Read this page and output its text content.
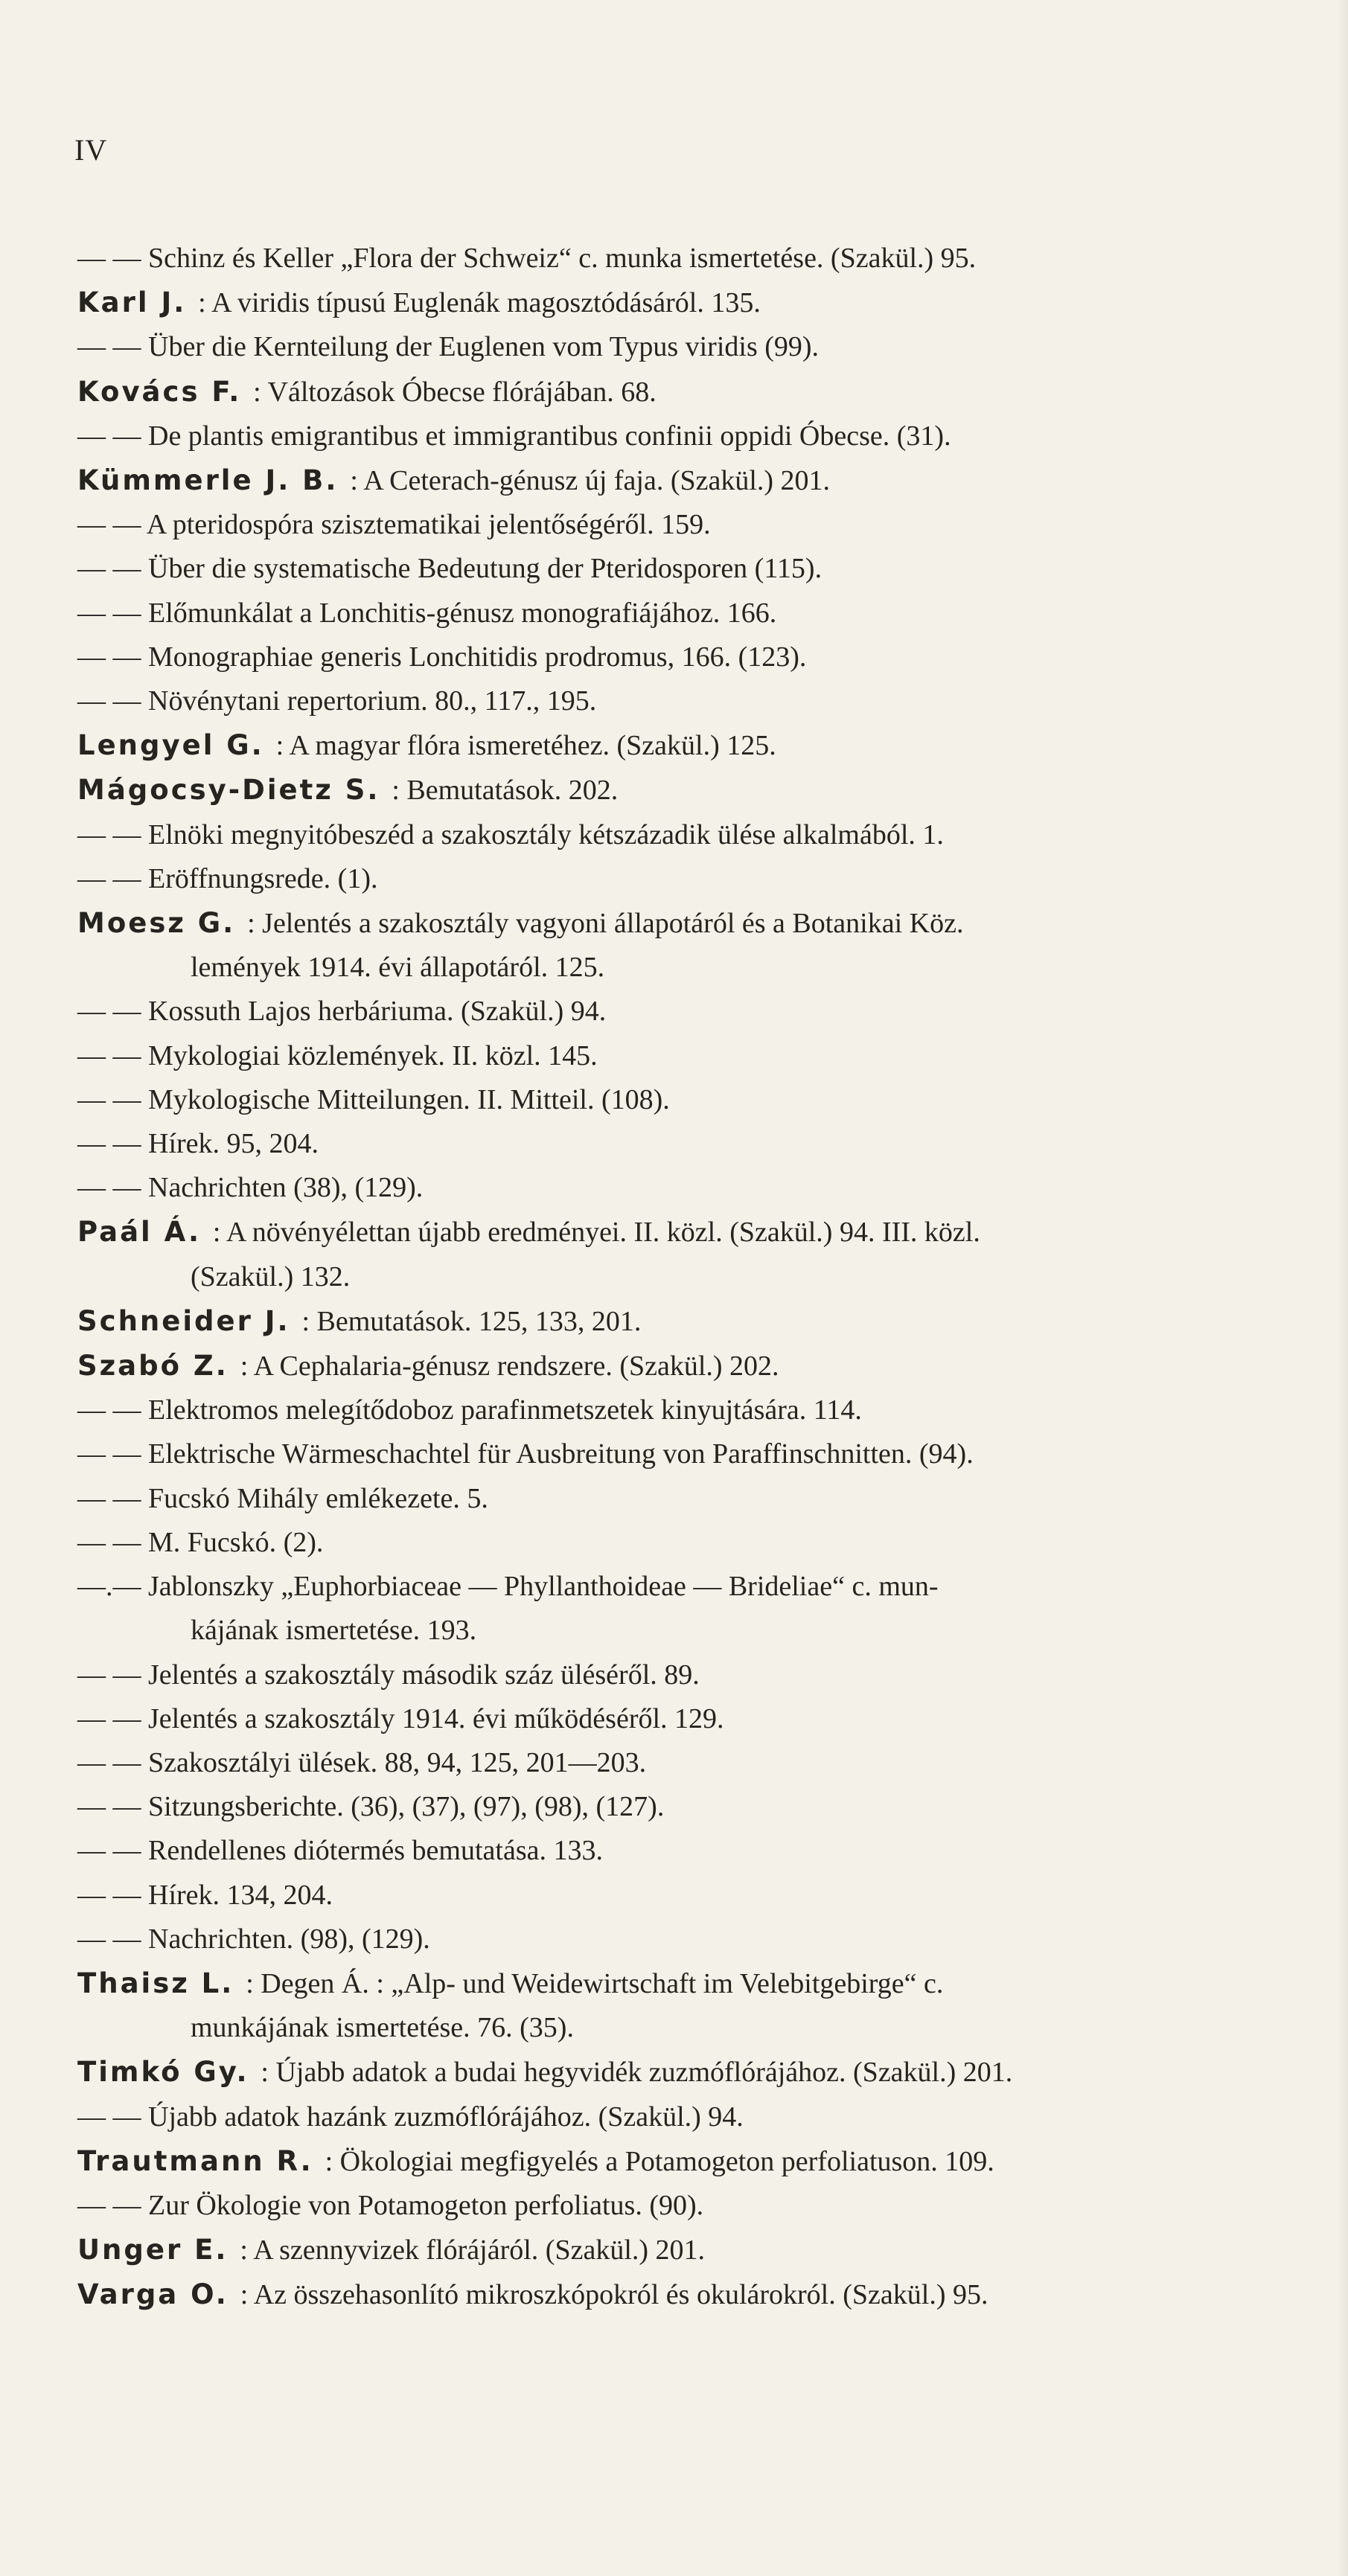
IV
— — Schinz és Keller „Flora der Schweiz“ c. munka ismertetése. (Szakül.) 95.
Karl J. : A viridis típusú Euglenák magosztódásáról. 135.
— — Über die Kernteilung der Euglenen vom Typus viridis (99).
Kovács F. : Változások Óbecse flórájában. 68.
— — De plantis emigrantibus et immigrantibus confinii oppidi Óbecse. (31).
Kümmerle J. B. : A Ceterach-génusz új faja. (Szakül.) 201.
— — A pteridospóra szisztematikai jelentőségéről. 159.
— — Über die systematische Bedeutung der Pteridosporen (115).
— — Előmunkálat a Lonchitis-génusz monografiájához. 166.
— — Monographiae generis Lonchitidis prodromus, 166. (123).
— — Növénytani repertorium. 80., 117., 195.
Lengyel G. : A magyar flóra ismeretéhez. (Szakül.) 125.
Mágocsy-Dietz S. : Bemutatások. 202.
— — Elnöki megnyitóbeszéd a szakosztály kétszázadik ülése alkalmából. 1.
— — Eröffnungsrede. (1).
Moesz G. : Jelentés a szakosztály vagyoni állapotáról és a Botanikai Köz.
lemények 1914. évi állapotáról. 125.
— — Kossuth Lajos herbáriuma. (Szakül.) 94.
— — Mykologiai közlemények. II. közl. 145.
— — Mykologische Mitteilungen. II. Mitteil. (108).
— — Hírek. 95, 204.
— — Nachrichten (38), (129).
Paál Á. : A növényélettan újabb eredményei. II. közl. (Szakül.) 94. III. közl.
(Szakül.) 132.
Schneider J. : Bemutatások. 125, 133, 201.
Szabó Z. : A Cephalaria-génusz rendszere. (Szakül.) 202.
— — Elektromos melegítődoboz parafinmetszetek kinyujtására. 114.
— — Elektrische Wärmeschachtel für Ausbreitung von Paraffinschnitten. (94).
— — Fucskó Mihály emlékezete. 5.
— — M. Fucskó. (2).
—.— Jablonszky „Euphorbiaceae — Phyllanthoideae — Brideliae“ c. mun-
kájának ismertetése. 193.
— — Jelentés a szakosztály második száz üléséről. 89.
— — Jelentés a szakosztály 1914. évi működéséről. 129.
— — Szakosztályi ülések. 88, 94, 125, 201—203.
— — Sitzungsberichte. (36), (37), (97), (98), (127).
— — Rendellenes diótermés bemutatása. 133.
— — Hírek. 134, 204.
— — Nachrichten. (98), (129).
Thaisz L. : Degen Á. : „Alp- und Weidewirtschaft im Velebitgebirge“ c.
munkájának ismertetése. 76. (35).
Timkó Gy. : Újabb adatok a budai hegyvidék zuzmóflórájához. (Szakül.) 201.
— — Újabb adatok hazánk zuzmóflórájához. (Szakül.) 94.
Trautmann R. : Ökologiai megfigyelés a Potamogeton perfoliatuson. 109.
— — Zur Ökologie von Potamogeton perfoliatus. (90).
Unger E. : A szennyvizek flórájáról. (Szakül.) 201.
Varga O. : Az összehasonlító mikroszkópokról és okulárokról. (Szakül.) 95.
